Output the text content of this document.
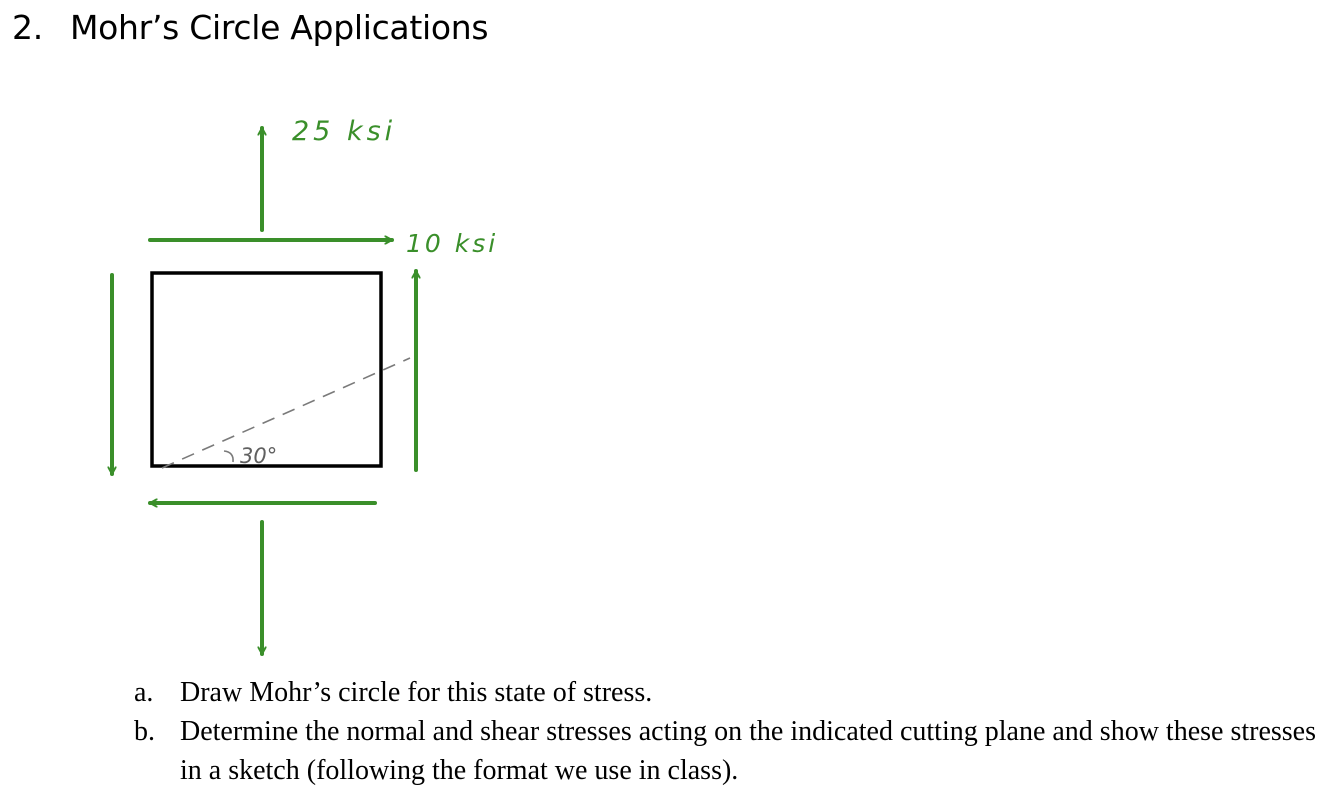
2. Mohr’s Circle Applications
25 ksi
10 ksi
30°
a. Draw Mohr’s circle for this state of stress.
b. Determine the normal and shear stresses acting on the indicated cutting plane and show these stresses in a sketch (following the format we use in class).
